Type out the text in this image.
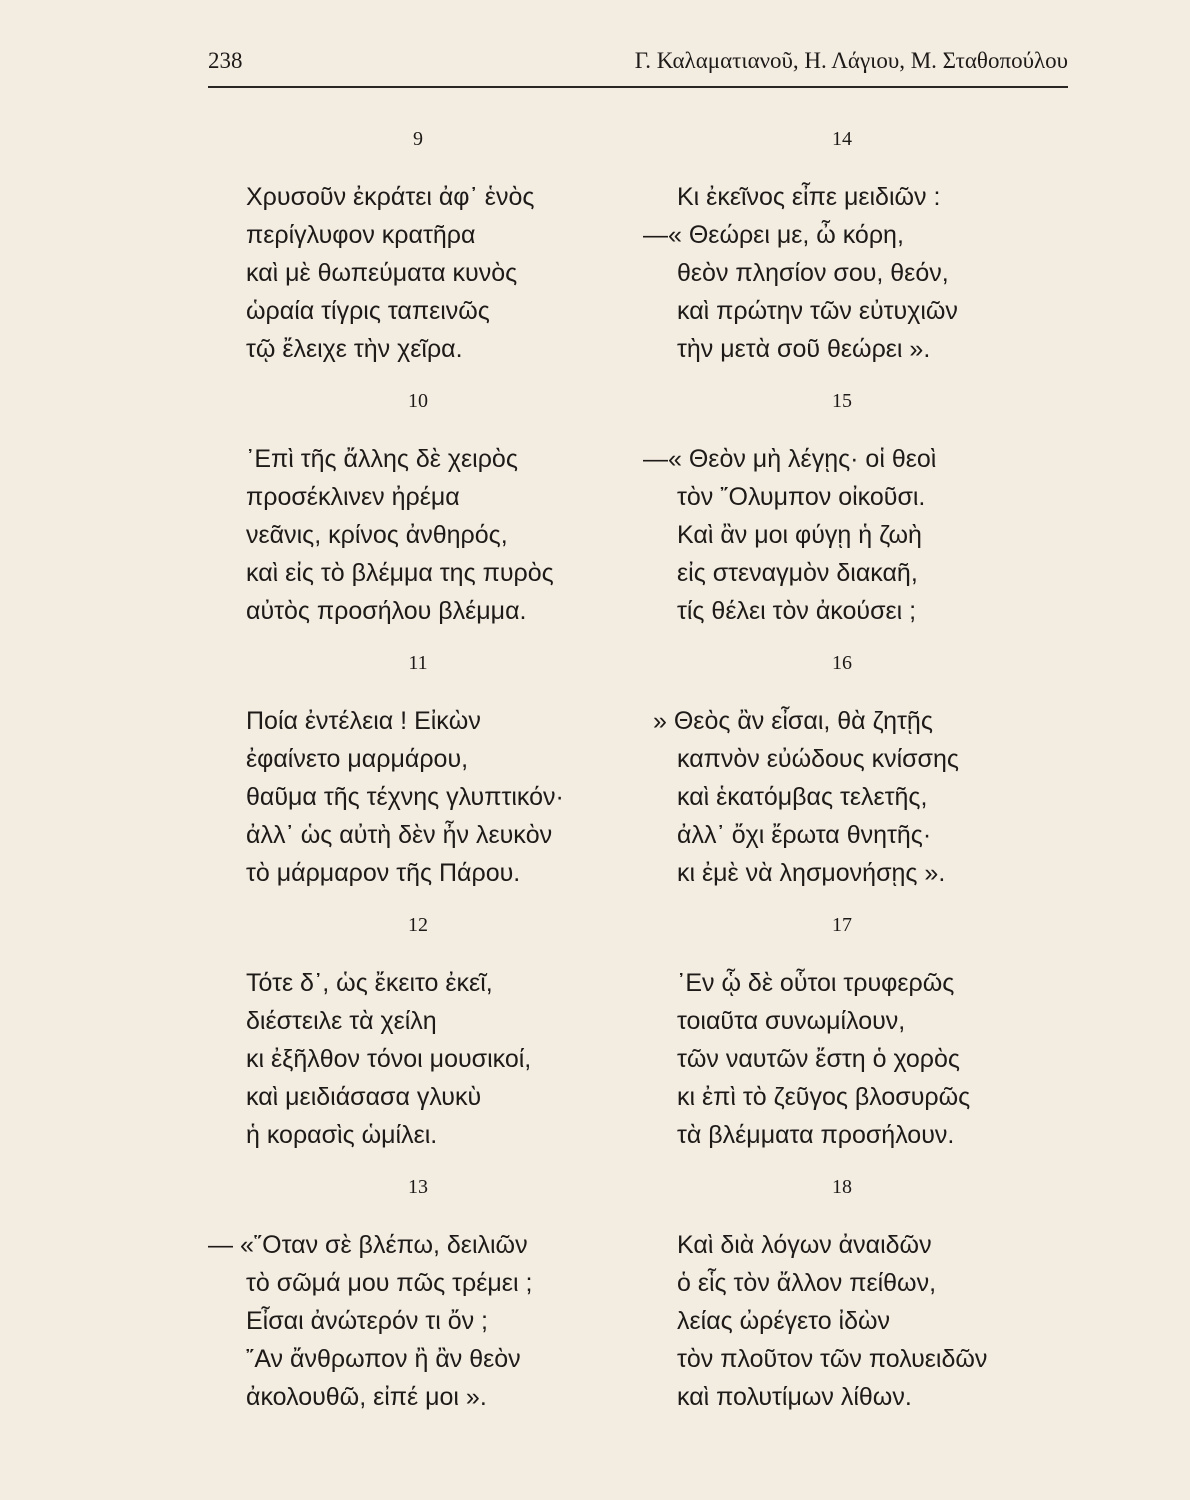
238	Γ. Καλαματιανοῦ, Η. Λάγιου, Μ. Σταθοπούλου
9
Χρυσοῦν ἐκράτει ἀφ᾽ ἑνὸς
περίγλυφον κρατῆρα
καὶ μὲ θωπεύματα κυνὸς
ὡραία τίγρις ταπεινῶς
τῷ ἔλειχε τὴν χεῖρα.
10
᾽Επὶ τῆς ἄλλης δὲ χειρὸς
προσέκλινεν ἠρέμα
νεᾶνις, κρίνος ἀνθηρός,
καὶ εἰς τὸ βλέμμα της πυρὸς
αὐτὸς προσήλου βλέμμα.
11
Ποία ἐντέλεια ! Εἰκὼν
ἐφαίνετο μαρμάρου,
θαῦμα τῆς τέχνης γλυπτικόν·
ἀλλ᾽ ὡς αὐτὴ δὲν ἦν λευκὸν
τὸ μάρμαρον τῆς Πάρου.
12
Τότε δ᾽, ὡς ἔκειτο ἐκεῖ,
διέστειλε τὰ χείλη
κι ἐξῆλθον τόνοι μουσικοί,
καὶ μειδιάσασα γλυκὺ
ἡ κορασὶς ὡμίλει.
13
— «῞Οταν σὲ βλέπω, δειλιῶν
τὸ σῶμά μου πῶς τρέμει ;
Εἶσαι ἀνώτερόν τι ὄν ;
῎Αν ἄνθρωπον ἢ ἂν θεὸν
ἀκολουθῶ, εἰπέ μοι ».
14
Κι ἐκεῖνος εἶπε μειδιῶν :
—« Θεώρει με, ὦ κόρη,
θεὸν πλησίον σου, θεόν,
καὶ πρώτην τῶν εὐτυχιῶν
τὴν μετὰ σοῦ θεώρει ».
15
—« Θεὸν μὴ λέγῃς· οἱ θεοὶ
τὸν ῎Ολυμπον οἰκοῦσι.
Καὶ ἂν μοι φύγῃ ἡ ζωὴ
εἰς στεναγμὸν διακαῆ,
τίς θέλει τὸν ἀκούσει ;
16
» Θεὸς ἂν εἶσαι, θὰ ζητῇς
καπνὸν εὐώδους κνίσσης
καὶ ἑκατόμβας τελετῆς,
ἀλλ᾽ ὄχι ἔρωτα θνητῆς·
κι ἐμὲ νὰ λησμονήσῃς ».
17
᾽Εν ᾧ δὲ οὗτοι τρυφερῶς
τοιαῦτα συνωμίλουν,
τῶν ναυτῶν ἔστη ὁ χορὸς
κι ἐπὶ τὸ ζεῦγος βλοσυρῶς
τὰ βλέμματα προσήλουν.
18
Καὶ διὰ λόγων ἀναιδῶν
ὁ εἷς τὸν ἄλλον πείθων,
λείας ὠρέγετο ἰδὼν
τὸν πλοῦτον τῶν πολυειδῶν
καὶ πολυτίμων λίθων.
